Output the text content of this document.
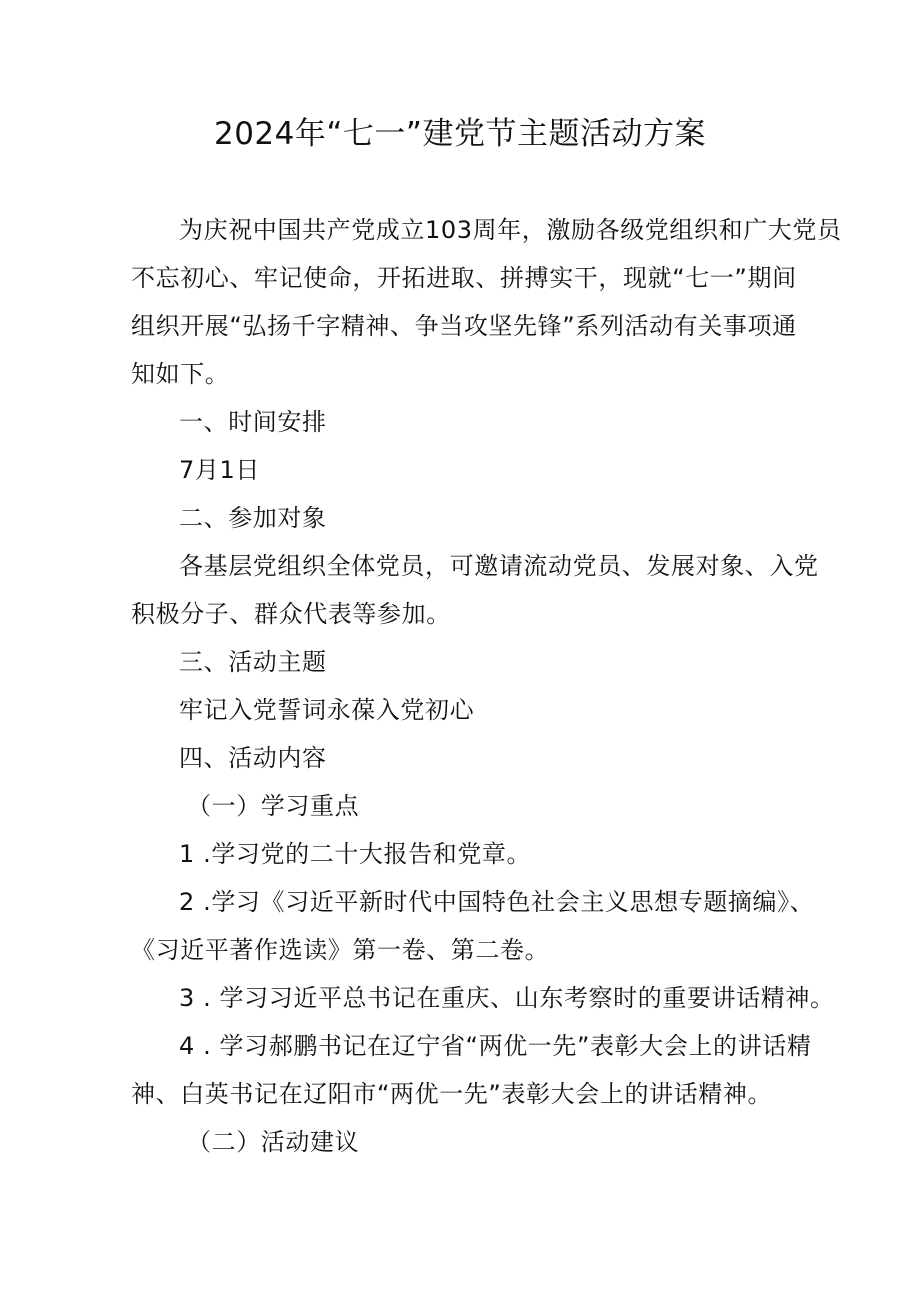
2024年“七一”建党节主题活动方案

为庆祝中国共产党成立103周年，激励各级党组织和广大党员

不忘初心、牢记使命，开拓进取、拼搏实干，现就“七一”期间

组织开展“弘扬千字精神、争当攻坚先锋”系列活动有关事项通

知如下。

一、时间安排

7月1日

二、参加对象

各基层党组织全体党员，可邀请流动党员、发展对象、入党

积极分子、群众代表等参加。

三、活动主题

牢记入党誓词永葆入党初心

四、活动内容

（一）学习重点

1 .学习党的二十大报告和党章。

2 .学习《习近平新时代中国特色社会主义思想专题摘编》、

《习近平著作选读》第一卷、第二卷。

3 . 学习习近平总书记在重庆、山东考察时的重要讲话精神。

4 . 学习郝鹏书记在辽宁省“两优一先”表彰大会上的讲话精

神、白英书记在辽阳市“两优一先”表彰大会上的讲话精神。

（二）活动建议
